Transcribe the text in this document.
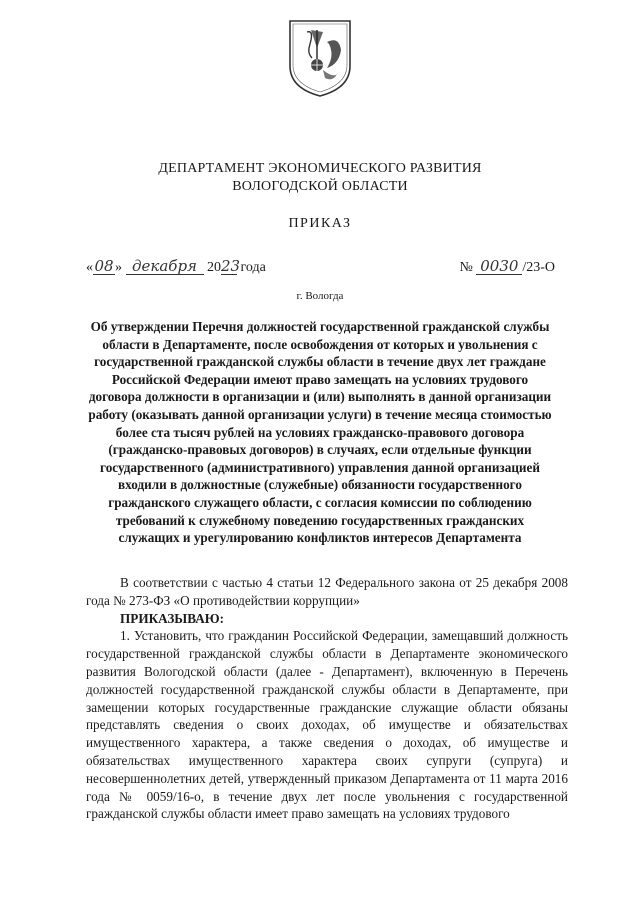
ДЕПАРТАМЕНТ ЭКОНОМИЧЕСКОГО РАЗВИТИЯ
ВОЛОГОДСКОЙ ОБЛАСТИ
ПРИКАЗ
«08» декабря 2023 года	№ 0030 /23-О
г. Вологда
Об утверждении Перечня должностей государственной гражданской службы области в Департаменте, после освобождения от которых и увольнения с государственной гражданской службы области в течение двух лет граждане Российской Федерации имеют право замещать на условиях трудового договора должности в организации и (или) выполнять в данной организации работу (оказывать данной организации услуги) в течение месяца стоимостью более ста тысяч рублей на условиях гражданско-правового договора (гражданско-правовых договоров) в случаях, если отдельные функции государственного (административного) управления данной организацией входили в должностные (служебные) обязанности государственного гражданского служащего области, с согласия комиссии по соблюдению требований к служебному поведению государственных гражданских служащих и урегулированию конфликтов интересов Департамента

В соответствии с частью 4 статьи 12 Федерального закона от 25 декабря 2008 года № 273-ФЗ «О противодействии коррупции»

ПРИКАЗЫВАЮ:

1. Установить, что гражданин Российской Федерации, замещавший должность государственной гражданской службы области в Департаменте экономического развития Вологодской области (далее - Департамент), включенную в Перечень должностей государственной гражданской службы области в Департаменте, при замещении которых государственные гражданские служащие области обязаны представлять сведения о своих доходах, об имуществе и обязательствах имущественного характера, а также сведения о доходах, об имуществе и обязательствах имущественного характера своих супруги (супруга) и несовершеннолетних детей, утвержденный приказом Департамента от 11 марта 2016 года № 0059/16-о, в течение двух лет после увольнения с государственной гражданской службы области имеет право замещать на условиях трудового
